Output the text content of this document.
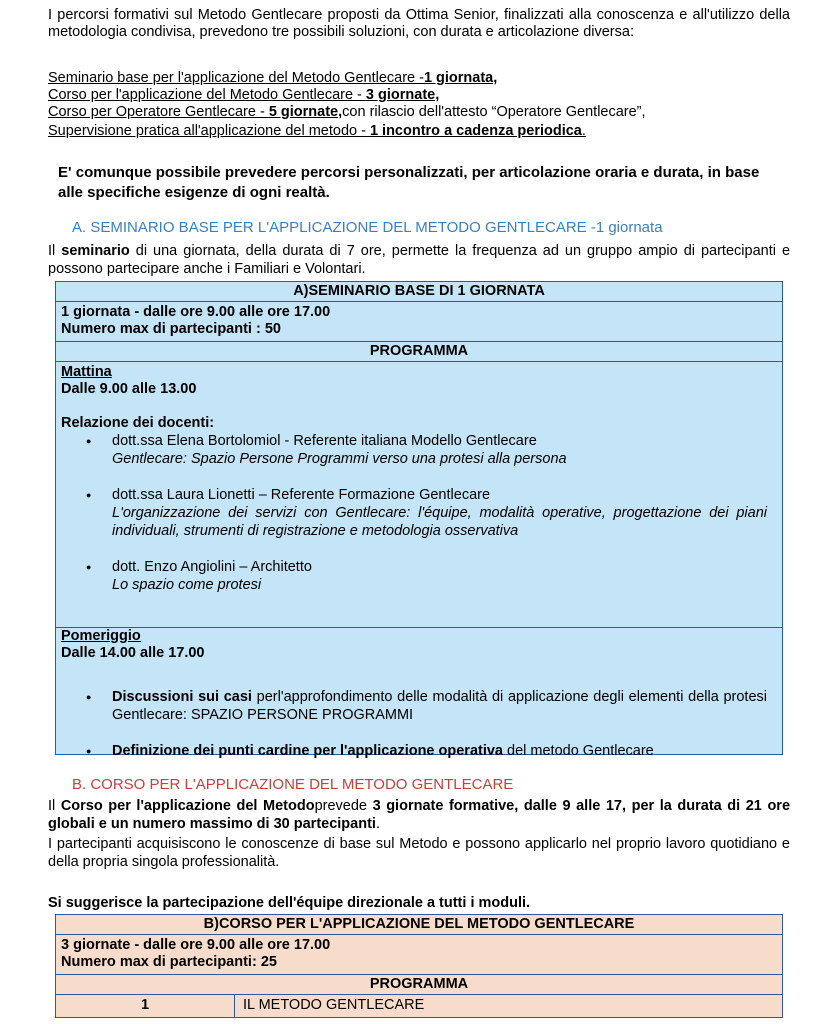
I percorsi formativi sul Metodo Gentlecare proposti da Ottima Senior, finalizzati alla conoscenza e all'utilizzo della metodologia condivisa, prevedono tre possibili soluzioni, con durata e articolazione diversa:

Seminario base per l'applicazione del Metodo Gentlecare -1 giornata,
Corso per l'applicazione del Metodo Gentlecare - 3 giornate,
Corso per Operatore Gentlecare - 5 giornate,con rilascio dell'attesto “Operatore Gentlecare”,
Supervisione pratica all'applicazione del metodo - 1 incontro a cadenza periodica.

E' comunque possibile prevedere percorsi personalizzati, per articolazione oraria e durata, in base alle specifiche esigenze di ogni realtà.

A. SEMINARIO BASE PER L'APPLICAZIONE DEL METODO GENTLECARE -1 giornata

Il seminario di una giornata, della durata di 7 ore, permette la frequenza ad un gruppo ampio di partecipanti e possono partecipare anche i Familiari e Volontari.

A)SEMINARIO BASE DI 1 GIORNATA
1 giornata - dalle ore 9.00 alle ore 17.00
Numero max di partecipanti : 50
PROGRAMMA
Mattina
Dalle 9.00 alle 13.00
Relazione dei docenti:
● dott.ssa Elena Bortolomiol - Referente italiana Modello Gentlecare
Gentlecare: Spazio Persone Programmi verso una protesi alla persona
● dott.ssa Laura Lionetti – Referente Formazione Gentlecare
L'organizzazione dei servizi con Gentlecare: l'équipe, modalità operative, progettazione dei piani individuali, strumenti di registrazione e metodologia osservativa
● dott. Enzo Angiolini – Architetto
Lo spazio come protesi
Pomeriggio
Dalle 14.00 alle 17.00
● Discussioni sui casi perl'approfondimento delle modalità di applicazione degli elementi della protesi Gentlecare: SPAZIO PERSONE PROGRAMMI
● Definizione dei punti cardine per l'applicazione operativa del metodo Gentlecare
B. CORSO PER L'APPLICAZIONE DEL METODO GENTLECARE

Il Corso per l'applicazione del Metodoprevede 3 giornate formative, dalle 9 alle 17, per la durata di 21 ore globali e un numero massimo di 30 partecipanti.

I partecipanti acquisiscono le conoscenze di base sul Metodo e possono applicarlo nel proprio lavoro quotidiano e della propria singola professionalità.

Si suggerisce la partecipazione dell'équipe direzionale a tutti i moduli.

B)CORSO PER L'APPLICAZIONE DEL METODO GENTLECARE
3 giornate - dalle ore 9.00 alle ore 17.00
Numero max di partecipanti: 25
PROGRAMMA
1	IL METODO GENTLECARE
